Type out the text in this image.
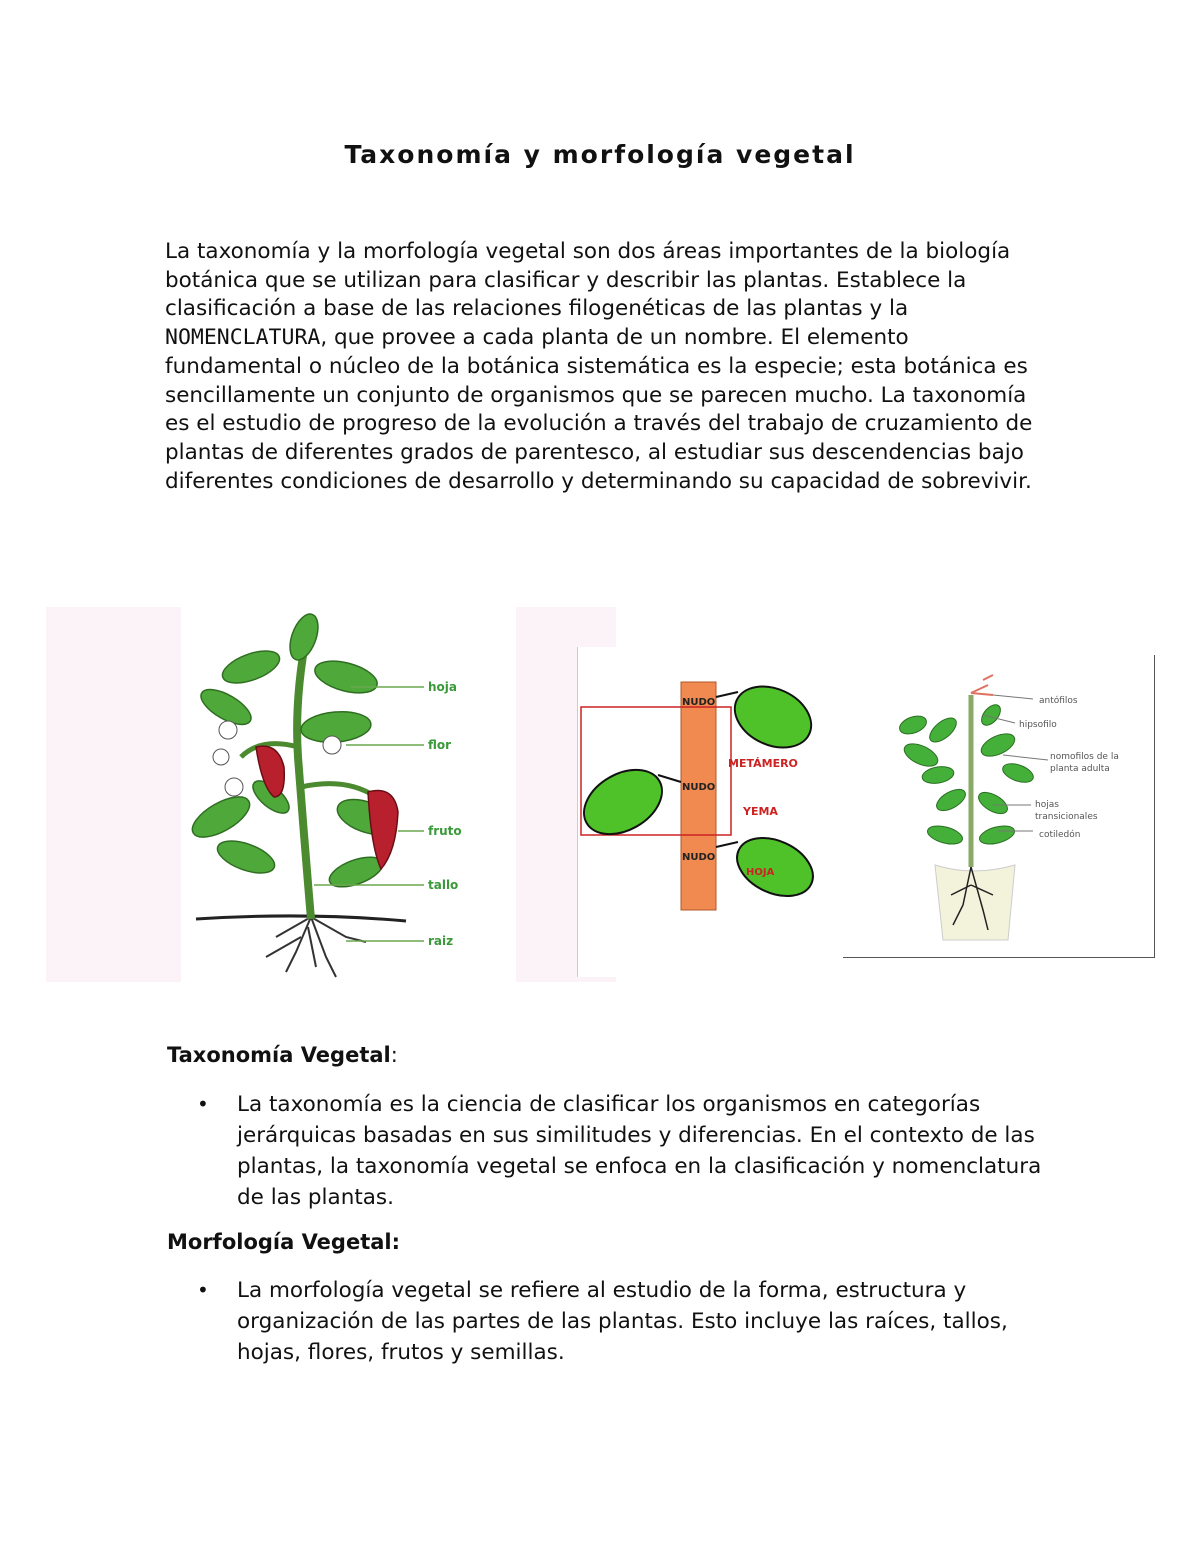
Taxonomía y morfología vegetal

La taxonomía y la morfología vegetal son dos áreas importantes de la biología botánica que se utilizan para clasificar y describir las plantas. Establece la clasificación a base de las relaciones filogenéticas de las plantas y la NOMENCLATURA, que provee a cada planta de un nombre. El elemento fundamental o núcleo de la botánica sistemática es la especie; esta botánica es sencillamente un conjunto de organismos que se parecen mucho. La taxonomía es el estudio de progreso de la evolución a través del trabajo de cruzamiento de plantas de diferentes grados de parentesco, al estudiar sus descendencias bajo diferentes condiciones de desarrollo y determinando su capacidad de sobrevivir.

hoja
flor
fruto
tallo
raiz
NUDO
NUDO
NUDO
METÁMERO
YEMA
HOJA
antófilos
hipsofilo
nomofilos de la
planta adulta
hojas
transicionales
cotiledón
Taxonomía Vegetal:

• La taxonomía es la ciencia de clasificar los organismos en categorías jerárquicas basadas en sus similitudes y diferencias. En el contexto de las plantas, la taxonomía vegetal se enfoca en la clasificación y nomenclatura de las plantas.

Morfología Vegetal:

• La morfología vegetal se refiere al estudio de la forma, estructura y organización de las partes de las plantas. Esto incluye las raíces, tallos, hojas, flores, frutos y semillas.
